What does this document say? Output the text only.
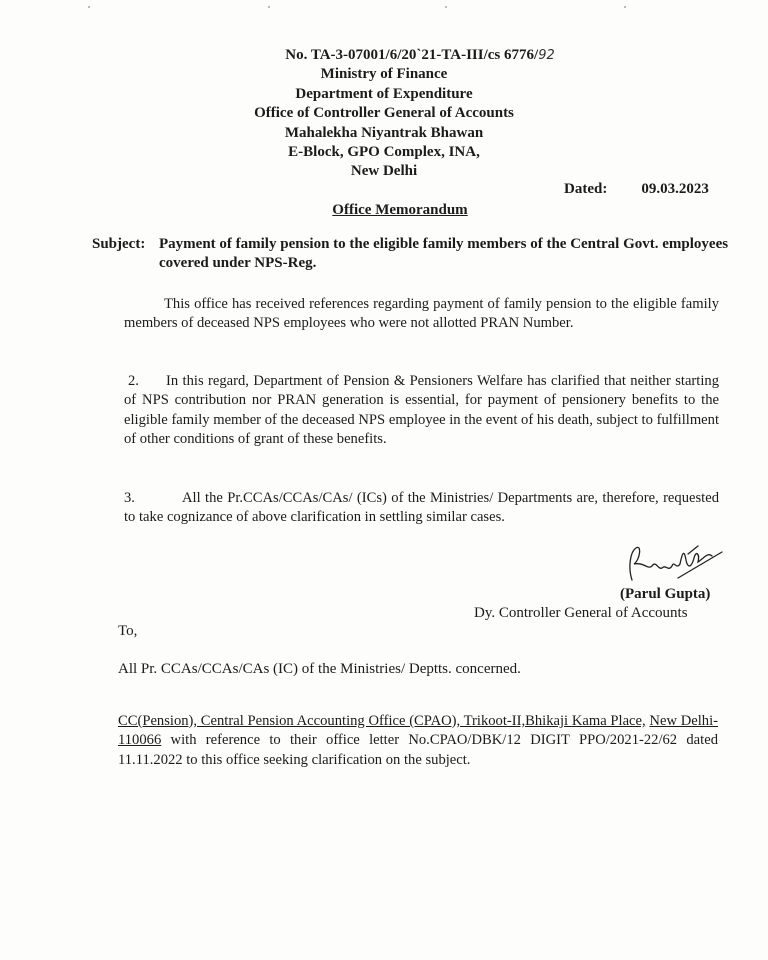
No. TA-3-07001/6/20`21-TA-III/cs 6776/92
Ministry of Finance
Department of Expenditure
Office of Controller General of Accounts
Mahalekha Niyantrak Bhawan
E-Block, GPO Complex, INA,
New Delhi
Dated: 09.03.2023
Office Memorandum
Subject: Payment of family pension to the eligible family members of the Central Govt. employees covered under NPS-Reg.
This office has received references regarding payment of family pension to the eligible family members of deceased NPS employees who were not allotted PRAN Number.
2. In this regard, Department of Pension & Pensioners Welfare has clarified that neither starting of NPS contribution nor PRAN generation is essential, for payment of pensionery benefits to the eligible family member of the deceased NPS employee in the event of his death, subject to fulfillment of other conditions of grant of these benefits.
3.	All the Pr.CCAs/CCAs/CAs/ (ICs) of the Ministries/ Departments are, therefore, requested to take cognizance of above clarification in settling similar cases.
(Parul Gupta)
Dy. Controller General of Accounts
To,
All Pr. CCAs/CCAs/CAs (IC) of the Ministries/ Deptts. concerned.
CC(Pension), Central Pension Accounting Office (CPAO), Trikoot-II,Bhikaji Kama Place, New Delhi-110066 with reference to their office letter No.CPAO/DBK/12 DIGIT PPO/2021-22/62 dated 11.11.2022 to this office seeking clarification on the subject.
